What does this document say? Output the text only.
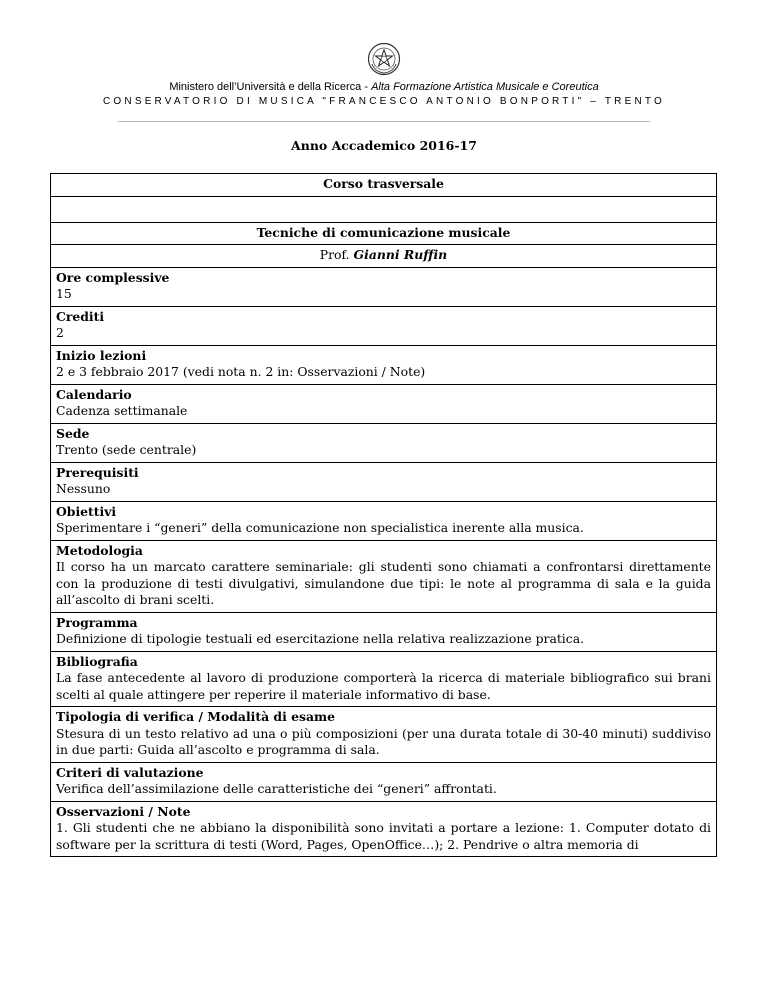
Ministero dell’Università e della Ricerca - Alta Formazione Artistica Musicale e Coreutica
CONSERVATORIO DI MUSICA "FRANCESCO ANTONIO BONPORTI" – TRENTO
Anno Accademico 2016-17
Corso trasversale

Tecniche di comunicazione musicale
Prof. Gianni Ruffin

Ore complessive
15

Crediti
2

Inizio lezioni
2 e 3 febbraio 2017 (vedi nota n. 2 in: Osservazioni / Note)

Calendario
Cadenza settimanale

Sede
Trento (sede centrale)

Prerequisiti
Nessuno

Obiettivi
Sperimentare i “generi” della comunicazione non specialistica inerente alla musica.

Metodologia
Il corso ha un marcato carattere seminariale: gli studenti sono chiamati a confrontarsi direttamente con la produzione di testi divulgativi, simulandone due tipi: le note al programma di sala e la guida all’ascolto di brani scelti.

Programma
Definizione di tipologie testuali ed esercitazione nella relativa realizzazione pratica.

Bibliografia
La fase antecedente al lavoro di produzione comporterà la ricerca di materiale bibliografico sui brani scelti al quale attingere per reperire il materiale informativo di base.

Tipologia di verifica / Modalità di esame
Stesura di un testo relativo ad una o più composizioni (per una durata totale di 30-40 minuti) suddiviso in due parti: Guida all’ascolto e programma di sala.

Criteri di valutazione
Verifica dell’assimilazione delle caratteristiche dei “generi” affrontati.

Osservazioni / Note
1. Gli studenti che ne abbiano la disponibilità sono invitati a portare a lezione: 1. Computer dotato di software per la scrittura di testi (Word, Pages, OpenOffice…); 2. Pendrive o altra memoria di
